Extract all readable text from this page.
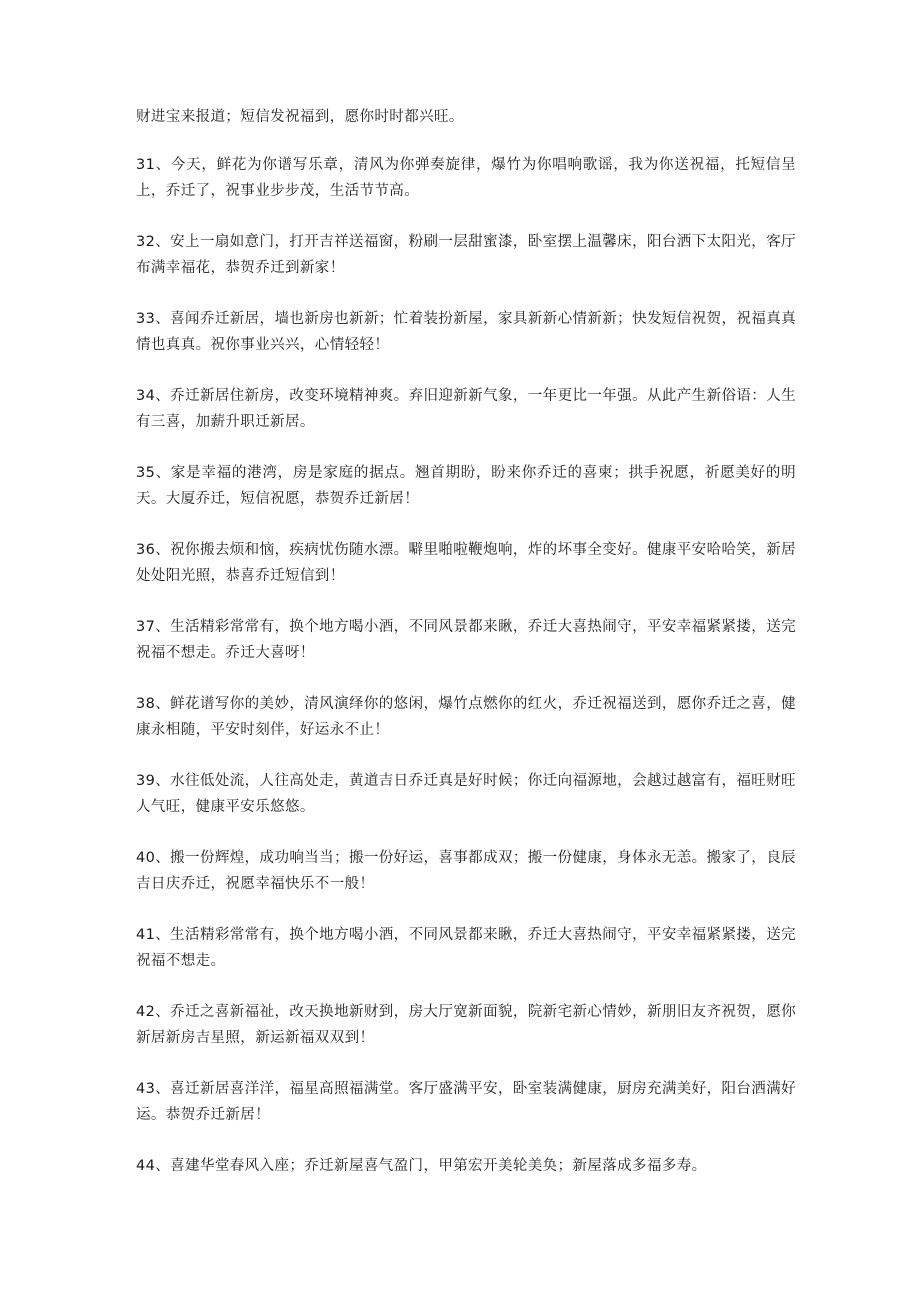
财进宝来报道；短信发祝福到，愿你时时都兴旺。

31、今天，鲜花为你谱写乐章，清风为你弹奏旋律，爆竹为你唱响歌谣，我为你送祝福，托短信呈上，乔迁了，祝事业步步茂，生活节节高。

32、安上一扇如意门，打开吉祥送福窗，粉刷一层甜蜜漆，卧室摆上温馨床，阳台洒下太阳光，客厅布满幸福花，恭贺乔迁到新家！

33、喜闻乔迁新居，墙也新房也新新；忙着装扮新屋，家具新新心情新新；快发短信祝贺，祝福真真情也真真。祝你事业兴兴，心情轻轻！

34、乔迁新居住新房，改变环境精神爽。弃旧迎新新气象，一年更比一年强。从此产生新俗语：人生有三喜，加薪升职迁新居。

35、家是幸福的港湾，房是家庭的据点。翘首期盼，盼来你乔迁的喜柬；拱手祝愿，祈愿美好的明天。大厦乔迁，短信祝愿，恭贺乔迁新居！

36、祝你搬去烦和恼，疾病忧伤随水漂。噼里啪啦鞭炮响，炸的坏事全变好。健康平安哈哈笑，新居处处阳光照，恭喜乔迁短信到！

37、生活精彩常常有，换个地方喝小酒，不同风景都来瞅，乔迁大喜热闹守，平安幸福紧紧搂，送完祝福不想走。乔迁大喜呀！

38、鲜花谱写你的美妙，清风演绎你的悠闲，爆竹点燃你的红火，乔迁祝福送到，愿你乔迁之喜，健康永相随，平安时刻伴，好运永不止！

39、水往低处流，人往高处走，黄道吉日乔迁真是好时候；你迁向福源地，会越过越富有，福旺财旺人气旺，健康平安乐悠悠。

40、搬一份辉煌，成功响当当；搬一份好运，喜事都成双；搬一份健康，身体永无恙。搬家了，良辰吉日庆乔迁，祝愿幸福快乐不一般！

41、生活精彩常常有，换个地方喝小酒，不同风景都来瞅，乔迁大喜热闹守，平安幸福紧紧搂，送完祝福不想走。

42、乔迁之喜新福祉，改天换地新财到，房大厅宽新面貌，院新宅新心情妙，新朋旧友齐祝贺，愿你新居新房吉星照，新运新福双双到！

43、喜迁新居喜洋洋，福星高照福满堂。客厅盛满平安，卧室装满健康，厨房充满美好，阳台洒满好运。恭贺乔迁新居！

44、喜建华堂春风入座；乔迁新屋喜气盈门，甲第宏开美轮美奂；新屋落成多福多寿。
